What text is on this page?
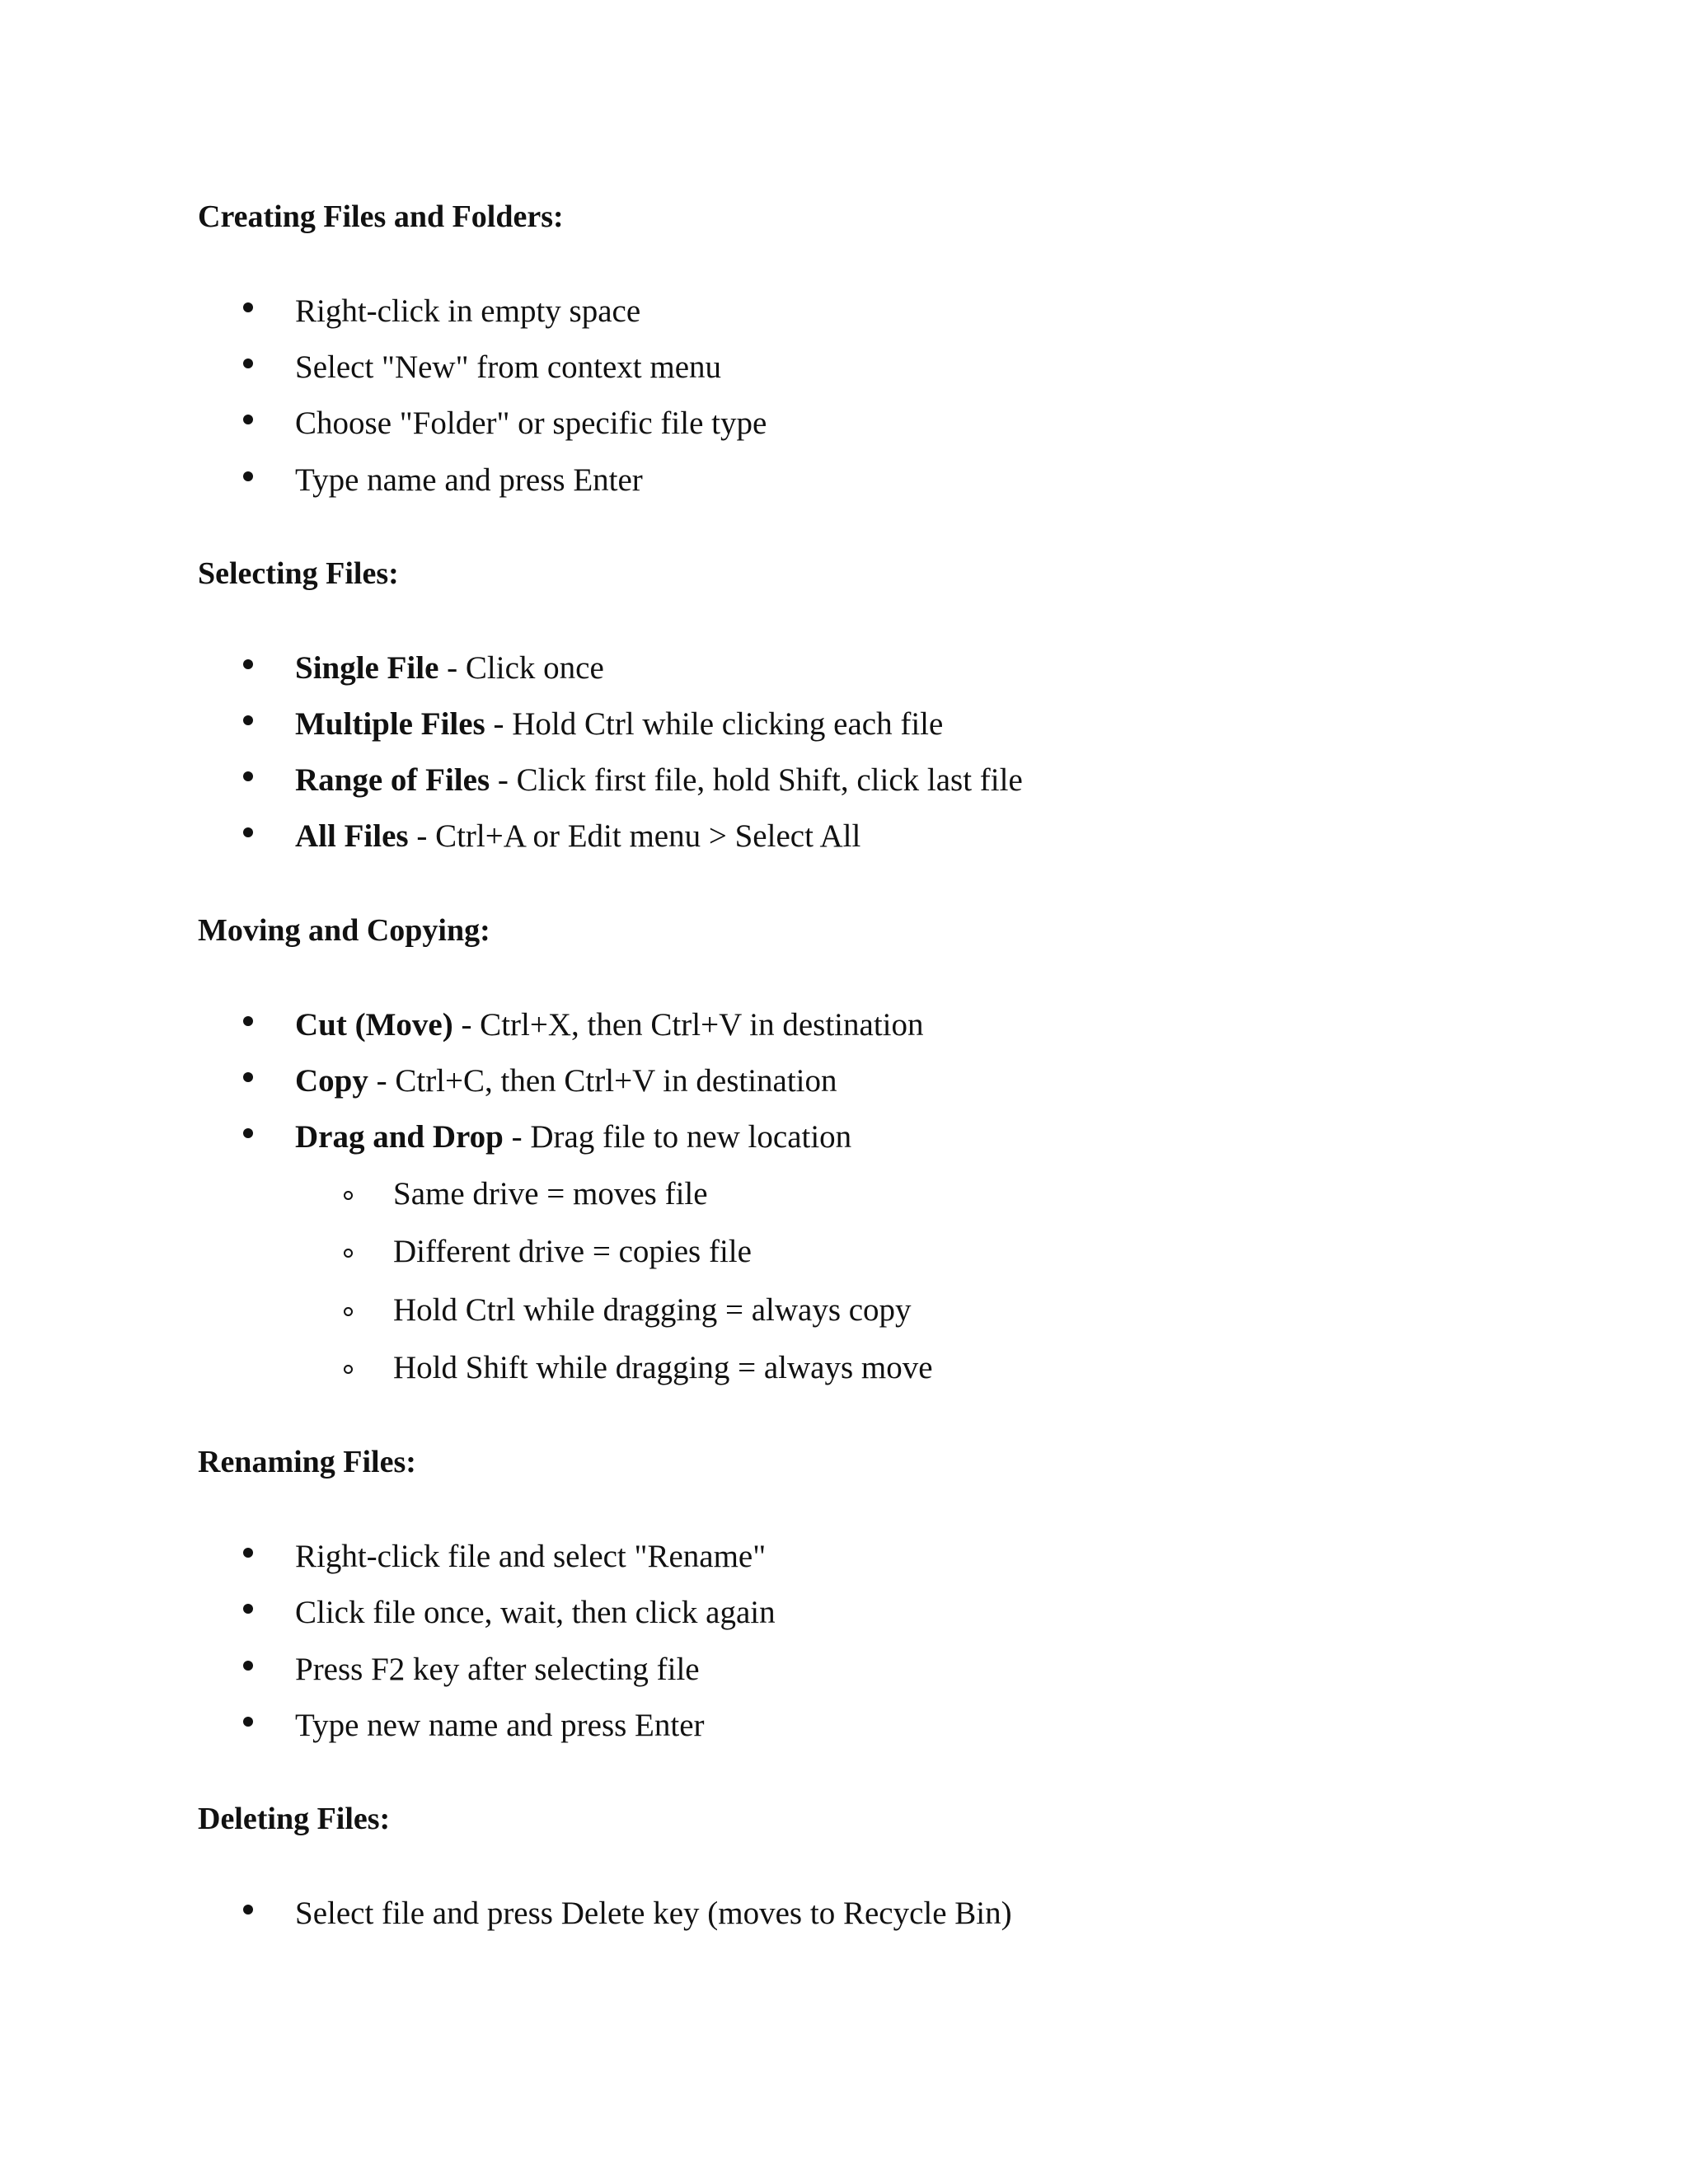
Creating Files and Folders:
Right-click in empty space
Select "New" from context menu
Choose "Folder" or specific file type
Type name and press Enter
Selecting Files:
Single File - Click once
Multiple Files - Hold Ctrl while clicking each file
Range of Files - Click first file, hold Shift, click last file
All Files - Ctrl+A or Edit menu > Select All
Moving and Copying:
Cut (Move) - Ctrl+X, then Ctrl+V in destination
Copy - Ctrl+C, then Ctrl+V in destination
Drag and Drop - Drag file to new location
Same drive = moves file
Different drive = copies file
Hold Ctrl while dragging = always copy
Hold Shift while dragging = always move
Renaming Files:
Right-click file and select "Rename"
Click file once, wait, then click again
Press F2 key after selecting file
Type new name and press Enter
Deleting Files:
Select file and press Delete key (moves to Recycle Bin)
